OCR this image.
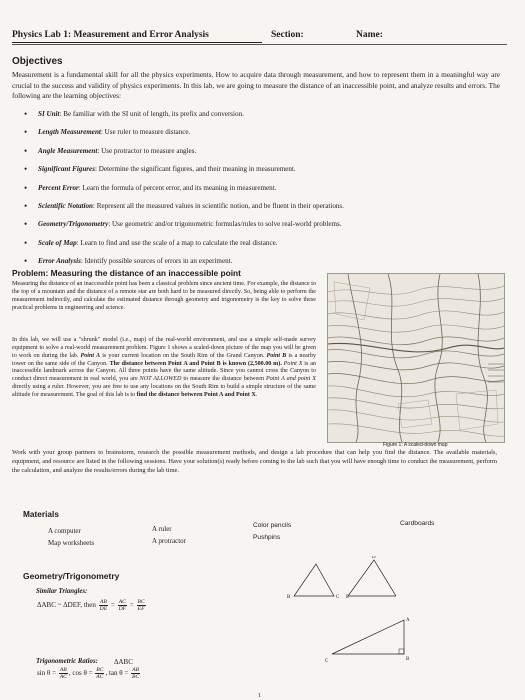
Physics Lab 1: Measurement and Error Analysis	Section:	Name:
Objectives
Measurement is a fundamental skill for all the physics experiments. How to acquire data through measurement, and how to represent them in a meaningful way are crucial to the success and validity of physics experiments. In this lab, we are going to measure the distance of an inaccessible point, and analyze results and errors. The following are the learning objectives:
• SI Unit: Be familiar with the SI unit of length, its prefix and conversion.
• Length Measurement: Use ruler to measure distance.
• Angle Measurement: Use protractor to measure angles.
• Significant Figures: Determine the significant figures, and their meaning in measurement.
• Percent Error: Learn the formula of percent error, and its meaning in measurement.
• Scientific Notation: Represent all the measured values in scientific notion, and be fluent in their operations.
• Geometry/Trigonometry: Use geometric and/or trigonometric formulas/rules to solve real-world problems.
• Scale of Map: Learn to find and use the scale of a map to calculate the real distance.
• Error Analysis: Identify possible sources of errors in an experiment.
Problem: Measuring the distance of an inaccessible point
Measuring the distance of an inaccessible point has been a classical problem since ancient time. For example, the distance to the top of a mountain and the distance of a remote star are both hard to be measured directly. So, being able to perform the measurement indirectly, and calculate the estimated distance through geometry and trigonometry is the key to solve these practical problems in engineering and science.
In this lab, we will use a "shrunk" model (i.e., map) of the real-world environment, and use a simple self-made survey equipment to solve a real-world measurement problem. Figure 1 shows a scaled-down picture of the map you will be given to work on during the lab. Point A is your current location on the South Rim of the Grand Canyon. Point B is a nearby tower on the same side of the Canyon. The distance between Point A and Point B is known (2,500.00 m). Point X is an inaccessible landmark across the Canyon. All three points have the same altitude. Since you cannot cross the Canyon to conduct direct measurement in real world, you are NOT ALLOWED to measure the distance between Point A and point X directly using a ruler. However, you are free to use any locations on the South Rim to build a simple structure of the same altitude for measurement. The goal of this lab is to find the distance between Point A and Point X.
Figure 1: A scaled-down map
Work with your group partners to brainstorm, research the possible measurement methods, and design a lab procedure that can help you find the distance. The available materials, equipment, and resource are listed in the following sessions. Have your solution(s) ready before coming to the lab such that you will have enough time to conduct the measurement, perform the calculation, and analyze the results/errors during the lab time.
Materials
A computer
Map worksheets
A ruler
A protractor
Color pencils
Pushpins
Cardboards
Geometry/Trigonometry
Similar Triangles:
ΔABC ~ ΔDEF, then $\frac{AB}{DE} = \frac{AC}{DF} = \frac{BC}{EF}$
B	C
D
E
Trigonometric Ratios: ΔABC
$\sin \theta = \frac{AB}{AC}$ , $\cos \theta = \frac{BC}{AC}$ , $\tan \theta = \frac{AB}{BC}$
A
C	B
1
